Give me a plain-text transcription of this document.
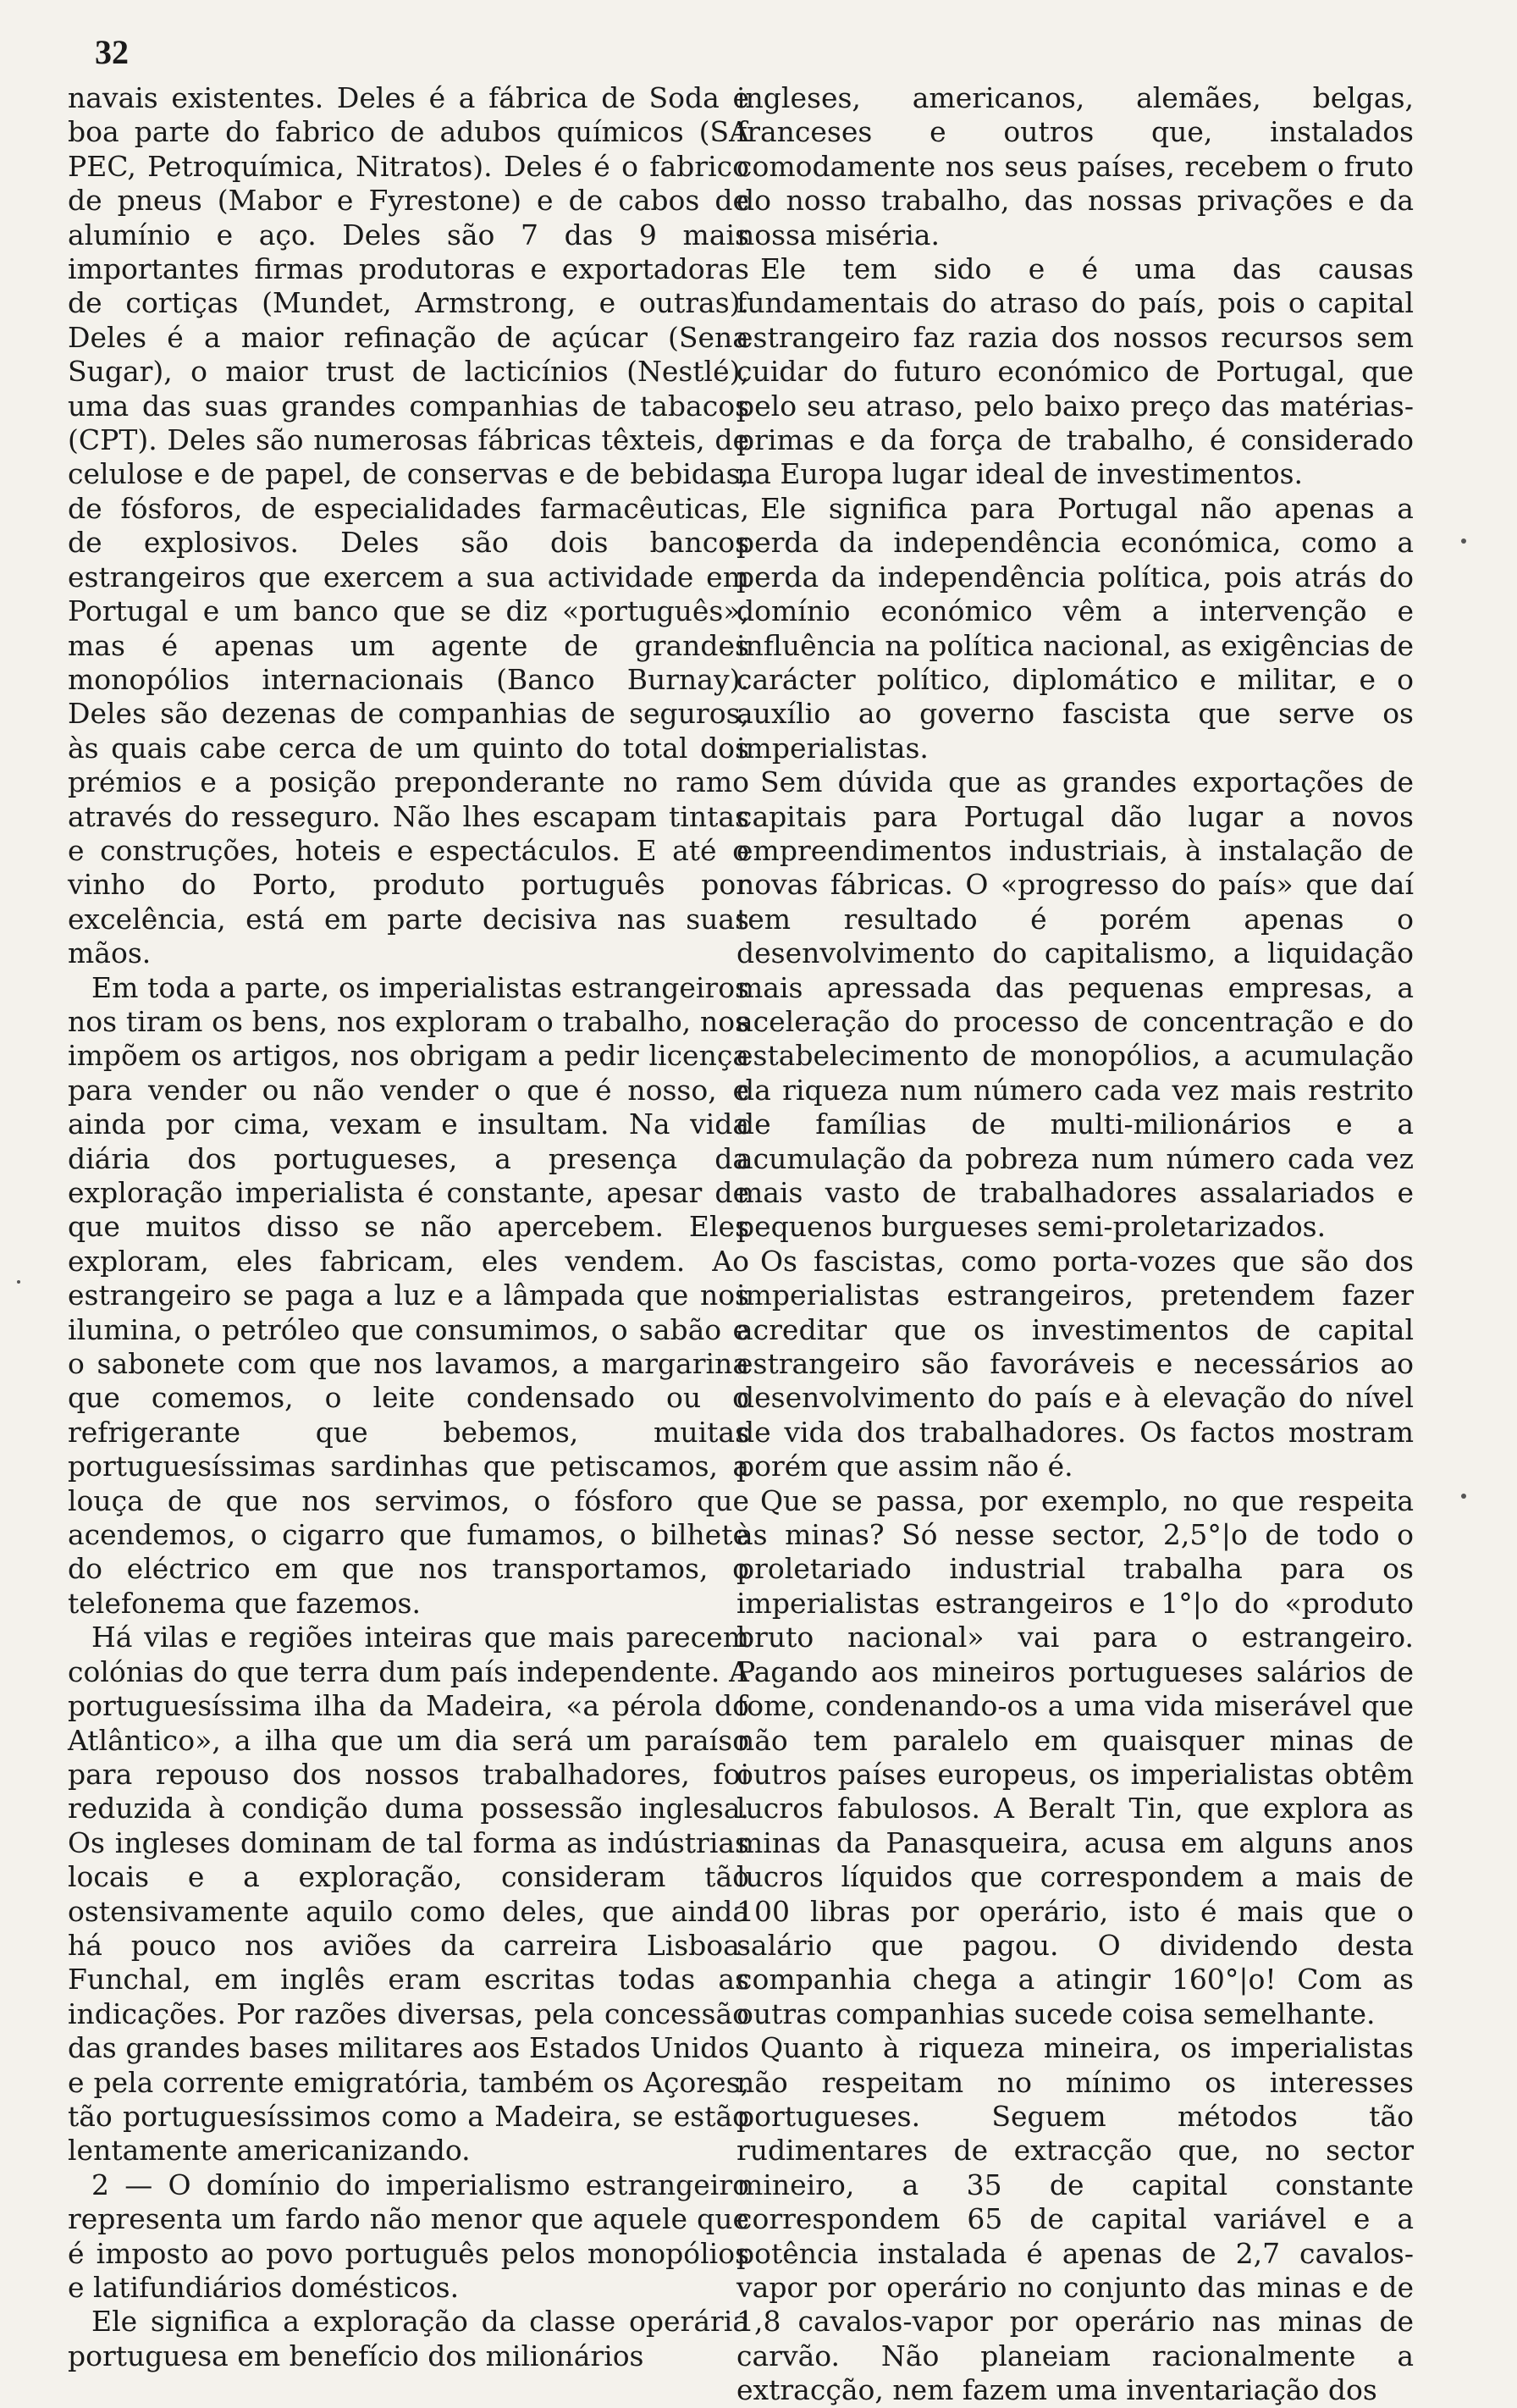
32

navais existentes. Deles é a fábrica de Soda e boa parte do fabrico de adubos químicos (SA PEC, Petroquímica, Nitratos). Deles é o fabrico de pneus (Mabor e Fyrestone) e de cabos de alumínio e aço. Deles são 7 das 9 mais importantes firmas produtoras e exportadoras de cortiças (Mundet, Armstrong, e outras). Deles é a maior refinação de açúcar (Sena Sugar), o maior trust de lacticínios (Nestlé), uma das suas grandes companhias de tabacos (CPT). Deles são numerosas fábricas têxteis, de celulose e de papel, de conservas e de bebidas, de fósforos, de especialidades farmacêuticas, de explosivos. Deles são dois bancos estrangeiros que exercem a sua actividade em Portugal e um banco que se diz «português», mas é apenas um agente de grandes monopólios internacionais (Banco Burnay). Deles são dezenas de companhias de seguros, às quais cabe cerca de um quinto do total dos prémios e a posição preponderante no ramo através do resseguro. Não lhes escapam tintas e construções, hoteis e espectáculos. E até o vinho do Porto, produto português por excelência, está em parte decisiva nas suas mãos.

Em toda a parte, os imperialistas estrangeiros nos tiram os bens, nos exploram o trabalho, nos impõem os artigos, nos obrigam a pedir licença para vender ou não vender o que é nosso, e ainda por cima, vexam e insultam. Na vida diária dos portugueses, a presença da exploração imperialista é constante, apesar de que muitos disso se não apercebem. Eles exploram, eles fabricam, eles vendem. Ao estrangeiro se paga a luz e a lâmpada que nos ilumina, o petróleo que consumimos, o sabão e o sabonete com que nos lavamos, a margarina que comemos, o leite condensado ou o refrigerante que bebemos, muitas portuguesíssimas sardinhas que petiscamos, a louça de que nos servimos, o fósforo que acendemos, o cigarro que fumamos, o bilhete do eléctrico em que nos transportamos, o telefonema que fazemos.

Há vilas e regiões inteiras que mais parecem colónias do que terra dum país independente. A portuguesíssima ilha da Madeira, «a pérola do Atlântico», a ilha que um dia será um paraíso para repouso dos nossos trabalhadores, foi reduzida à condição duma possessão inglesa. Os ingleses dominam de tal forma as indústrias locais e a exploração, consideram tão ostensivamente aquilo como deles, que ainda há pouco nos aviões da carreira Lisboa-Funchal, em inglês eram escritas todas as indicações. Por razões diversas, pela concessão das grandes bases militares aos Estados Unidos e pela corrente emigratória, também os Açores, tão portuguesíssimos como a Madeira, se estão lentamente americanizando.

2 — O domínio do imperialismo estrangeiro representa um fardo não menor que aquele que é imposto ao povo português pelos monopólios e latifundiários domésticos.

Ele significa a exploração da classe operária portuguesa em benefício dos milionários

ingleses, americanos, alemães, belgas, franceses e outros que, instalados comodamente nos seus países, recebem o fruto do nosso trabalho, das nossas privações e da nossa miséria.

Ele tem sido e é uma das causas fundamentais do atraso do país, pois o capital estrangeiro faz razia dos nossos recursos sem cuidar do futuro económico de Portugal, que pelo seu atraso, pelo baixo preço das matérias-primas e da força de trabalho, é considerado na Europa lugar ideal de investimentos.

Ele significa para Portugal não apenas a perda da independência económica, como a perda da independência política, pois atrás do domínio económico vêm a intervenção e influência na política nacional, as exigências de carácter político, diplomático e militar, e o auxílio ao governo fascista que serve os imperialistas.

Sem dúvida que as grandes exportações de capitais para Portugal dão lugar a novos empreendimentos industriais, à instalação de novas fábricas. O «progresso do país» que daí tem resultado é porém apenas o desenvolvimento do capitalismo, a liquidação mais apressada das pequenas empresas, a aceleração do processo de concentração e do estabelecimento de monopólios, a acumulação da riqueza num número cada vez mais restrito de famílias de multi-milionários e a acumulação da pobreza num número cada vez mais vasto de trabalhadores assalariados e pequenos burgueses semi-proletarizados.

Os fascistas, como porta-vozes que são dos imperialistas estrangeiros, pretendem fazer acreditar que os investimentos de capital estrangeiro são favoráveis e necessários ao desenvolvimento do país e à elevação do nível de vida dos trabalhadores. Os factos mostram porém que assim não é.

Que se passa, por exemplo, no que respeita às minas? Só nesse sector, 2,5°|o de todo o proletariado industrial trabalha para os imperialistas estrangeiros e 1°|o do «produto bruto nacional» vai para o estrangeiro. Pagando aos mineiros portugueses salários de fome, condenando-os a uma vida miserável que não tem paralelo em quaisquer minas de outros países europeus, os imperialistas obtêm lucros fabulosos. A Beralt Tin, que explora as minas da Panasqueira, acusa em alguns anos lucros líquidos que correspondem a mais de 100 libras por operário, isto é mais que o salário que pagou. O dividendo desta companhia chega a atingir 160°|o! Com as outras companhias sucede coisa semelhante.

Quanto à riqueza mineira, os imperialistas não respeitam no mínimo os interesses portugueses. Seguem métodos tão rudimentares de extracção que, no sector mineiro, a 35 de capital constante correspondem 65 de capital variável e a potência instalada é apenas de 2,7 cavalos-vapor por operário no conjunto das minas e de 1,8 cavalos-vapor por operário nas minas de carvão. Não planeiam racionalmente a extracção, nem fazem uma inventariação dos
